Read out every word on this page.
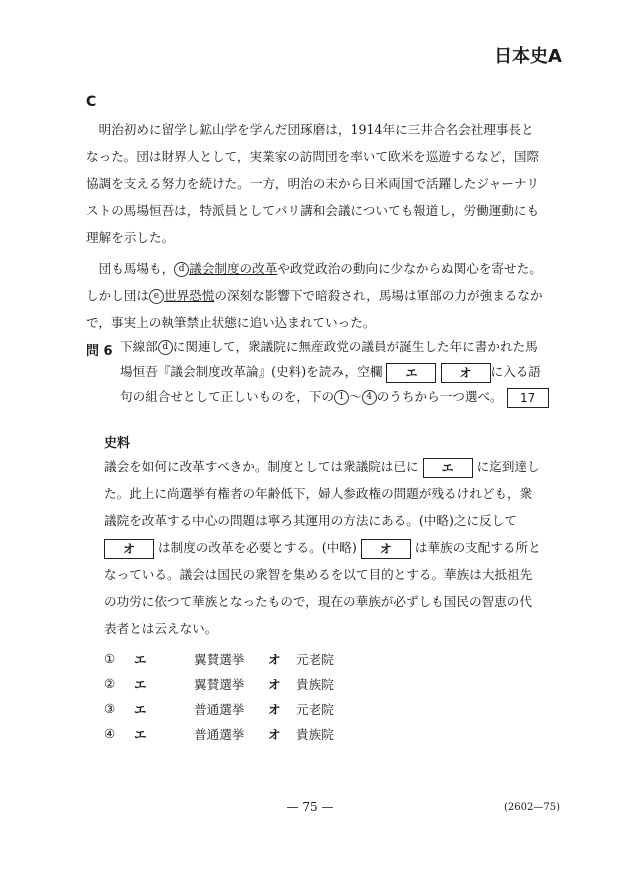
日本史A
C

明治初めに留学し鉱山学を学んだ団琢磨は，1914年に三井合名会社理事長となった。団は財界人として，実業家の訪問団を率いて欧米を巡遊するなど，国際協調を支える努力を続けた。一方，明治の末から日米両国で活躍したジャーナリストの馬場恒吾は，特派員としてパリ講和会議についても報道し，労働運動にも理解を示した。

団も馬場も， d 議会制度の改革や政党政治の動向に少なからぬ関心を寄せた。しかし団は e 世界恐慌の深刻な影響下で暗殺され，馬場は軍部の力が強まるなかで，事実上の執筆禁止状態に追い込まれていった。

問 6 下線部 d に関連して，衆議院に無産政党の議員が誕生した年に書かれた馬場恒吾『議会制度改革論』(史料)を読み，空欄 エ	オ に入る語句の組合せとして正しいものを，下の 1 ～ 4 のうちから一つ選べ。 17
史料
議会を如何に改革すべきか。制度としては衆議院は已に エ に迄到達した。此上に尚選挙有権者の年齢低下，婦人参政権の問題が残るけれども，衆議院を改革する中心の問題は寧ろ其運用の方法にある。(中略)之に反して オ は制度の改革を必要とする。(中略) オ は華族の支配する所となっている。議会は国民の衆智を集めるを以て目的とする。華族は大抵祖先の功労に依つて華族となったもので，現在の華族が必ずしも国民の智恵の代表者とは云えない。
①	エ	翼賛選挙	オ	元老院
②	エ	翼賛選挙	オ	貴族院
③	エ	普通選挙	オ	元老院
④	エ	普通選挙	オ	貴族院
— 75 —	(2602—75)
